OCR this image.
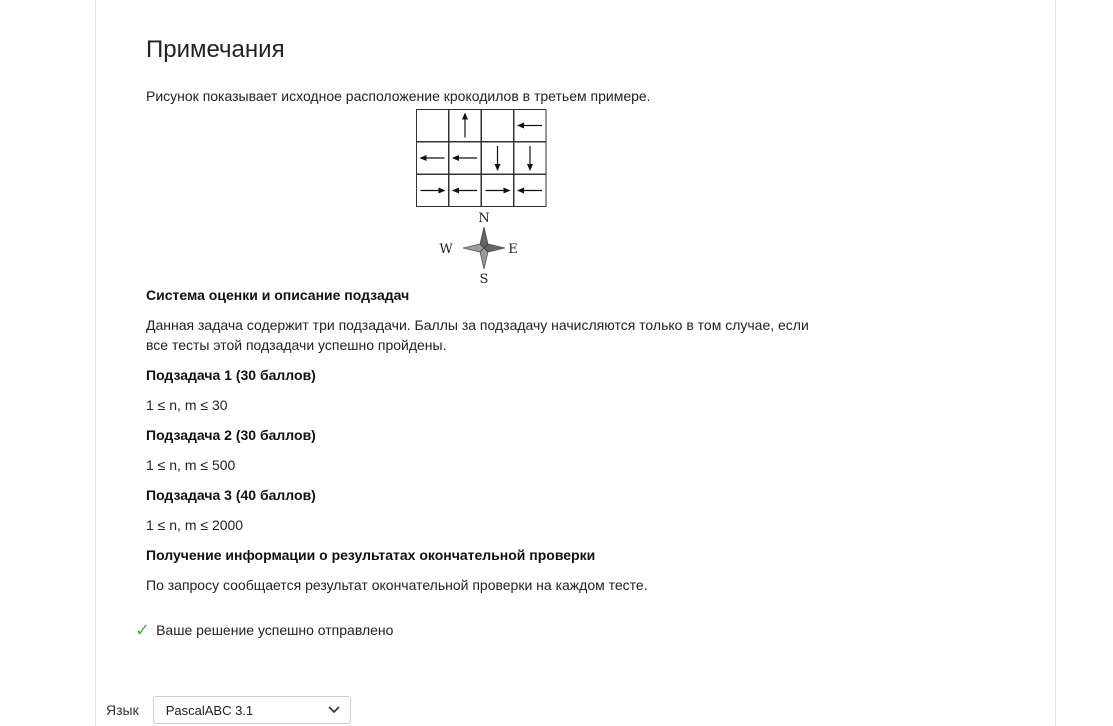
Примечания

Рисунок показывает исходное расположение крокодилов в третьем примере.

N
S
W	E

Система оценки и описание подзадач

Данная задача содержит три подзадачи. Баллы за подзадачу начисляются только в том случае, если

все тесты этой подзадачи успешно пройдены.

Подзадача 1 (30 баллов)

1 ≤ n, m ≤ 30

Подзадача 2 (30 баллов)

1 ≤ n, m ≤ 500

Подзадача 3 (40 баллов)

1 ≤ n, m ≤ 2000

Получение информации о результатах окончательной проверки

По запросу сообщается результат окончательной проверки на каждом тесте.

✓ Ваше решение успешно отправлено
Язык PascalABC 3.1
